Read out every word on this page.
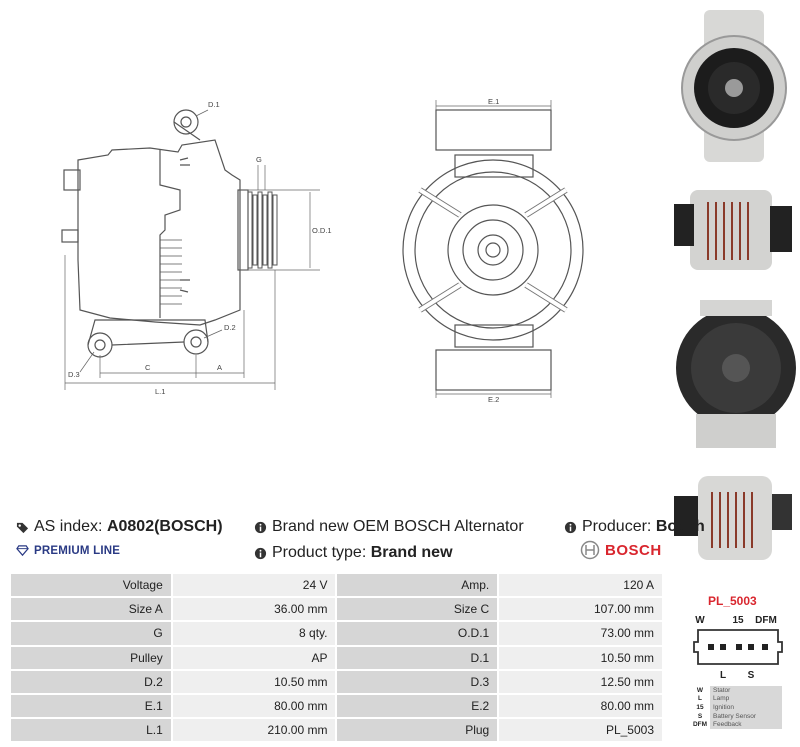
D.1
G
O.D.1
D.2
D.3
C	A
L.1
E.1
E.2
AS index:
A0802(BOSCH)	Brand new OEM BOSCH Alternator	Producer:
Bosch
PREMIUM LINE	Product type:
Brand new	BOSCH
Voltage	24 V	Amp.	120 A
Size A	36.00 mm	Size C	107.00 mm
G	8 qty.	O.D.1	73.00 mm
Pulley	AP	D.1	10.50 mm
D.2	10.50 mm	D.3	12.50 mm
E.1	80.00 mm	E.2	80.00 mm
L.1	210.00 mm	Plug	PL_5003
PL_5003
W	15 DFM
L S
W	Stator
L	Lamp
15	Ignition
S	Battery Sensor
DFM Feedback
